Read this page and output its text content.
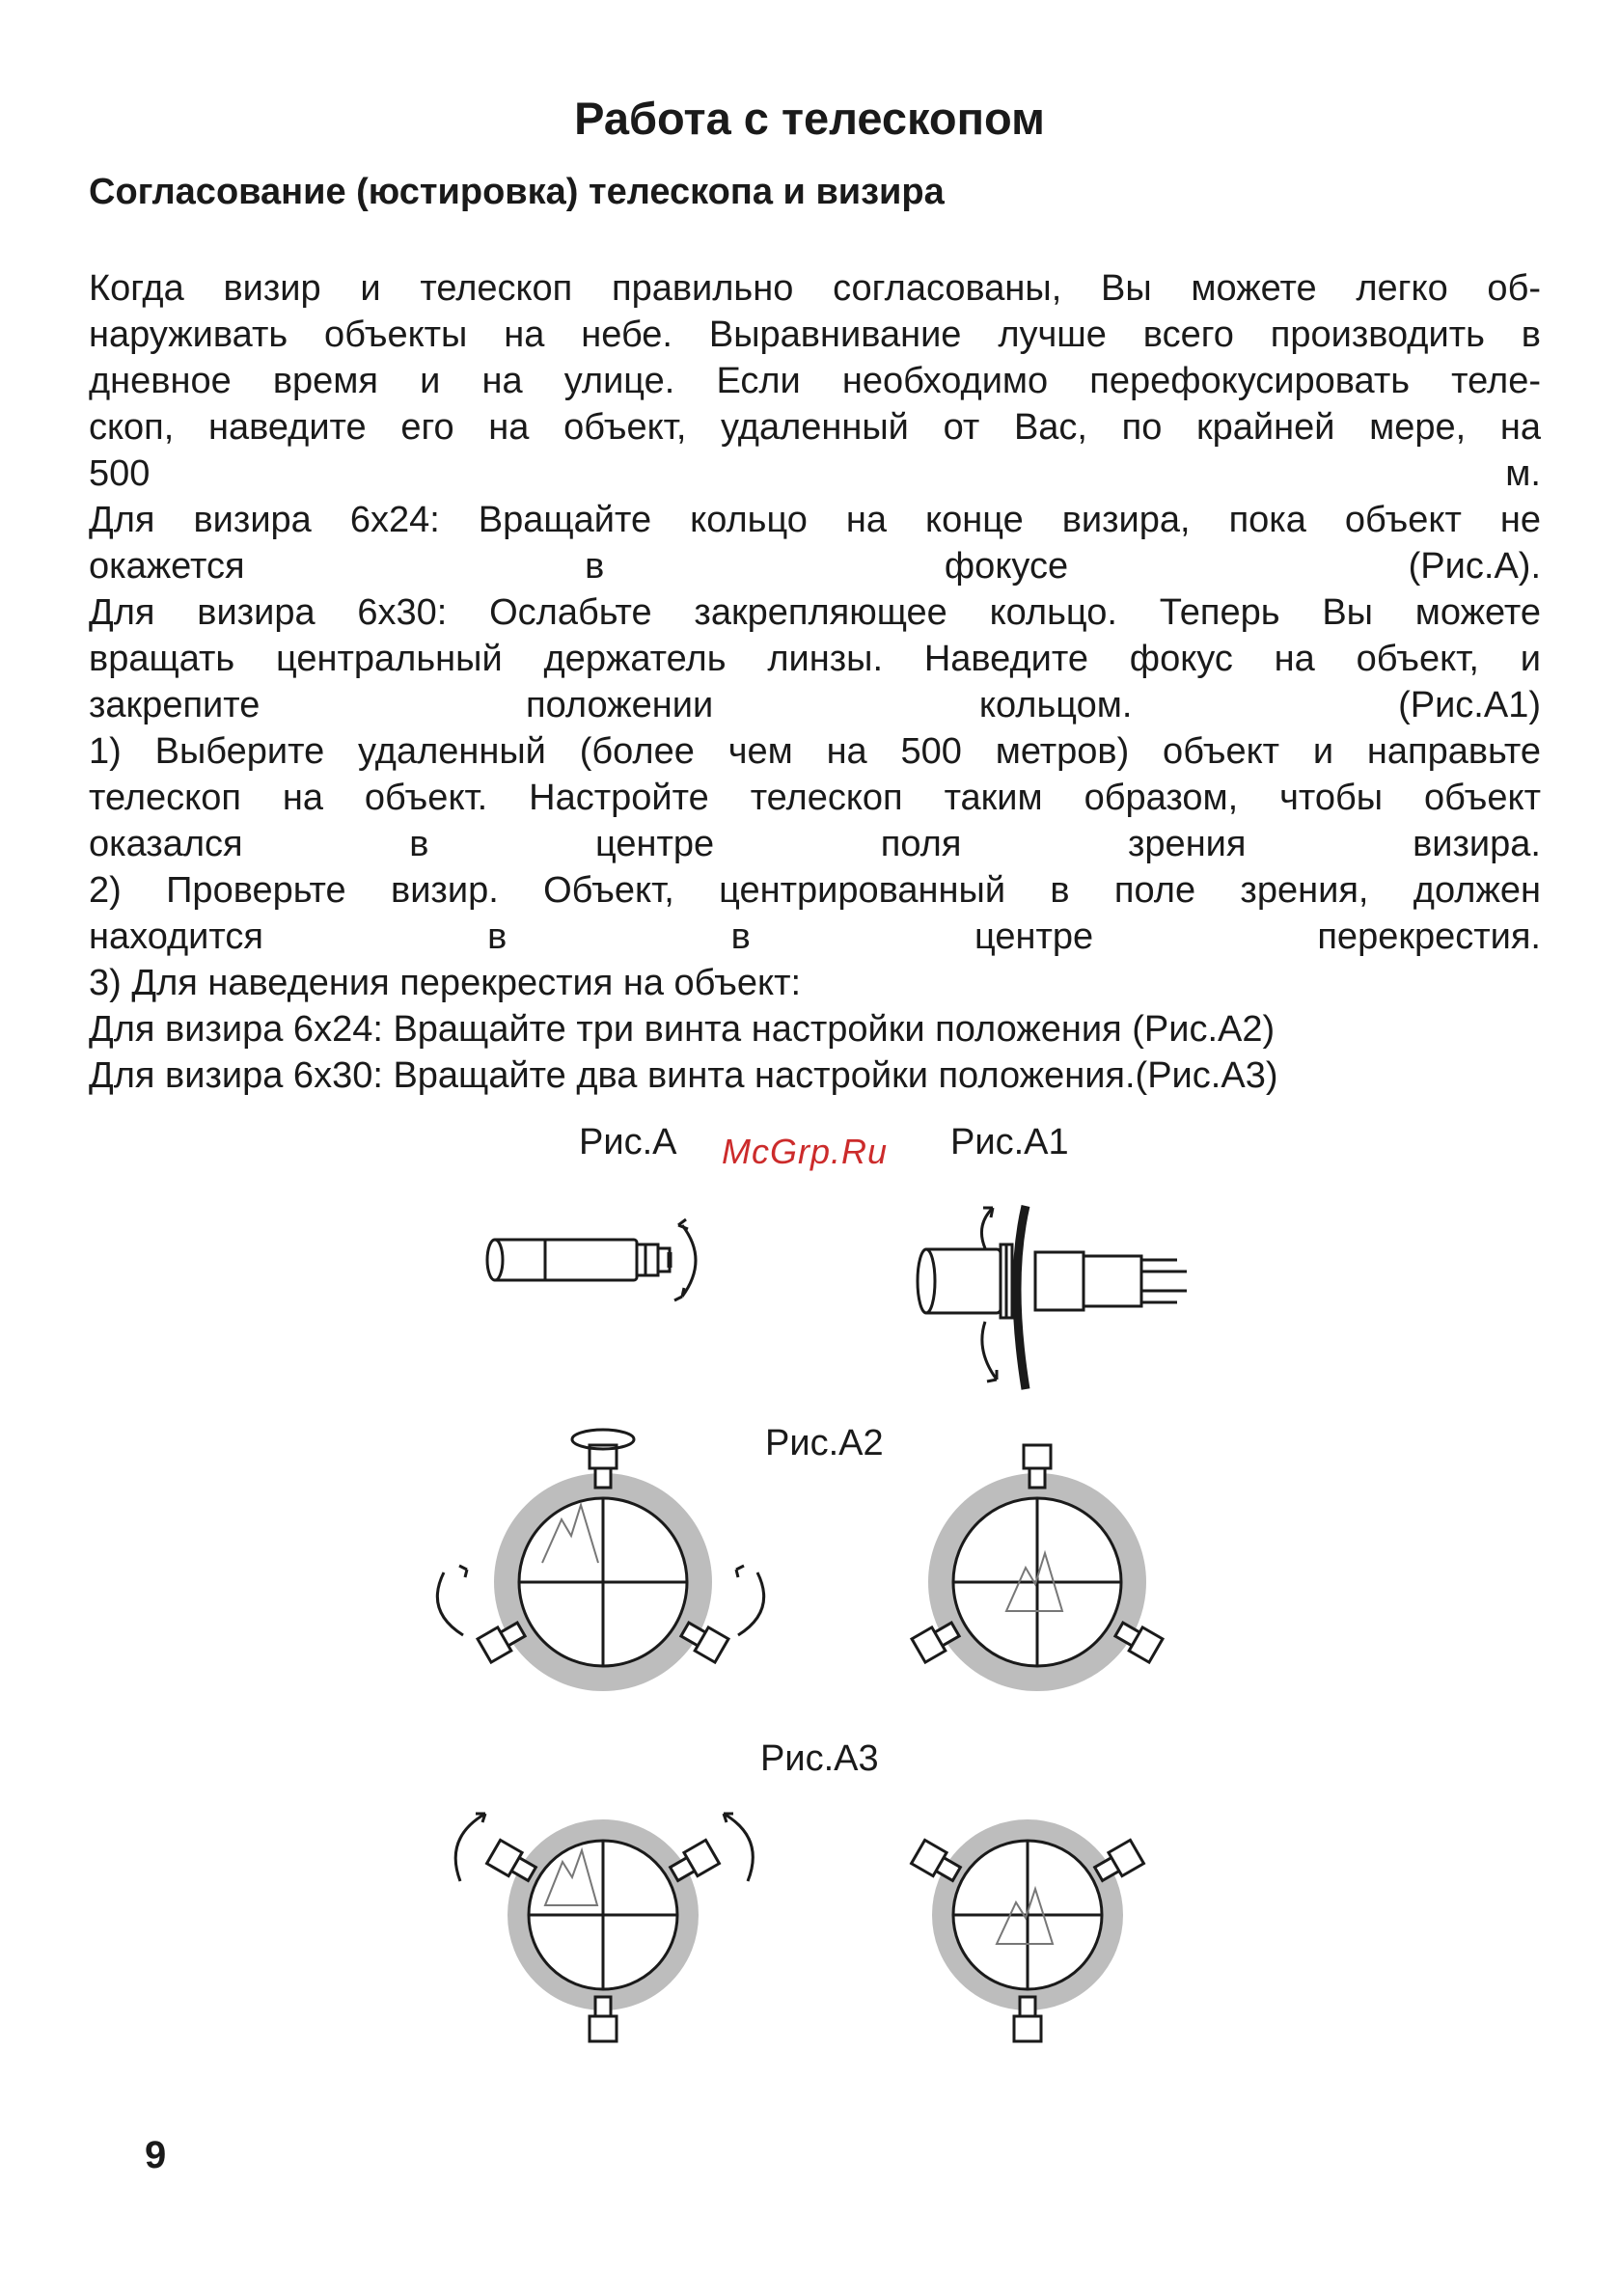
Работа с телескопом
Согласование (юстировка) телескопа и визира

Когда визир и телескоп правильно согласованы, Вы можете легко об-
наруживать объекты на небе. Выравнивание лучше всего производить в
дневное время и на улице. Если необходимо перефокусировать теле-
скоп, наведите его на объект, удаленный от Вас, по крайней мере, на
500 м.

Для визира 6x24: Вращайте кольцо на конце визира, пока объект не
окажется в фокусе (Рис.А).

Для визира 6x30: Ослабьте закрепляющее кольцо. Теперь Вы можете
вращать центральный держатель линзы. Наведите фокус на объект, и
закрепите положении кольцом. (Рис.А1)

1) Выберите удаленный (более чем на 500 метров) объект и направьте
телескоп на объект. Настройте телескоп таким образом, чтобы объект
оказался в центре поля зрения визира.

2) Проверьте визир. Объект, центрированный в поле зрения, должен
находится в в центре перекрестия.

3) Для наведения перекрестия на объект:

Для визира 6x24: Вращайте три винта настройки положения (Рис.А2)

Для визира 6x30: Вращайте два винта настройки положения.(Рис.А3)

Рис.А McGrp.Ru Рис.А1
Рис.А2
Рис.А3
9
